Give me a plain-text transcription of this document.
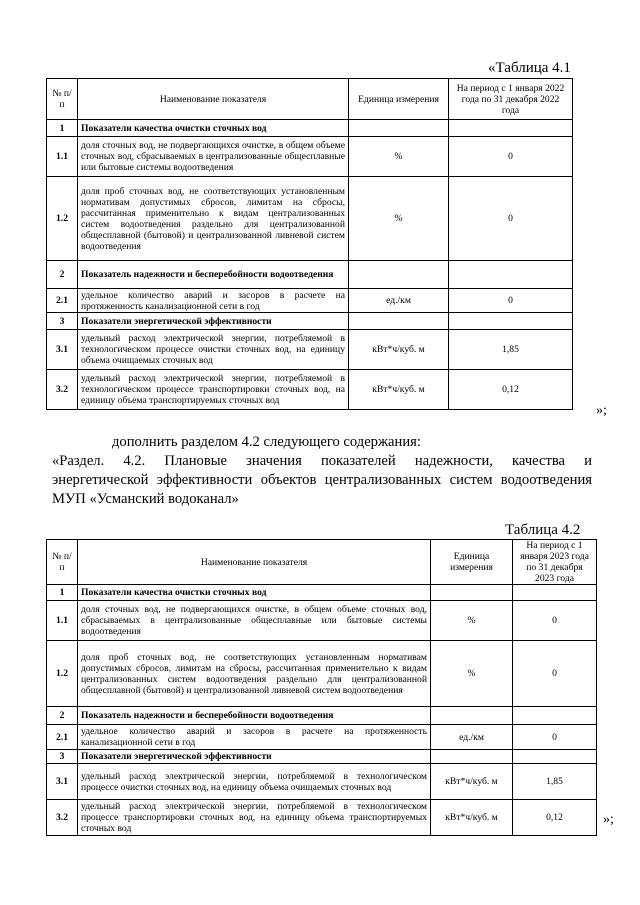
«Таблица 4.1
№ п/п	Наименование показателя	Единица измерения	На период с 1 января 2022 года по 31 декабря 2022 года
1	Показатели качества очистки сточных вод		
1.1	доля сточных вод, не подвергающихся очистке, в общем объеме сточных вод, сбрасываемых в централизованные общесплавные или бытовые системы водоотведения	%	0
1.2	доля проб сточных вод, не соответствующих установленным нормативам допустимых сбросов, лимитам на сбросы, рассчитанная применительно к видам централизованных систем водоотведения раздельно для централизованной общесплавной (бытовой) и централизованной ливневой систем водоотведения	%	0
2	Показатель надежности и бесперебойности водоотведения		
2.1	удельное количество аварий и засоров в расчете на протяженность канализационной сети в год	ед./км	0
3	Показатели энергетической эффективности		
3.1	удельный расход электрической энергии, потребляемой в технологическом процессе очистки сточных вод, на единицу объема очищаемых сточных вод	кВт*ч/куб. м	1,85
3.2	удельный расход электрической энергии, потребляемой в технологическом процессе транспортировки сточных вод, на единицу объема транспортируемых сточных вод	кВт*ч/куб. м	0,12
»;
дополнить разделом 4.2 следующего содержания:
«Раздел. 4.2. Плановые значения показателей надежности, качества и
энергетической эффективности объектов централизованных систем водоотведения
МУП «Усманский водоканал»
Таблица 4.2
№ п/п	Наименование показателя	Единица измерения	На период с 1 января 2023 года по 31 декабря 2023 года
1	Показатели качества очистки сточных вод		
1.1	доля сточных вод, не подвергающихся очистке, в общем объеме сточных вод, сбрасываемых в централизованные общесплавные или бытовые системы водоотведения	%	0
1.2	доля проб сточных вод, не соответствующих установленным нормативам допустимых сбросов, лимитам на сбросы, рассчитанная применительно к видам централизованных систем водоотведения раздельно для централизованной общесплавной (бытовой) и централизованной ливневой систем водоотведения	%	0
2	Показатель надежности и бесперебойности водоотведения		
2.1	удельное количество аварий и засоров в расчете на протяженность канализационной сети в год	ед./км	0
3	Показатели энергетической эффективности		
3.1	удельный расход электрической энергии, потребляемой в технологическом процессе очистки сточных вод, на единицу объема очищаемых сточных вод	кВт*ч/куб. м	1,85
3.2	удельный расход электрической энергии, потребляемой в технологическом процессе транспортировки сточных вод, на единицу объема транспортируемых сточных вод	кВт*ч/куб. м	0,12	»;
